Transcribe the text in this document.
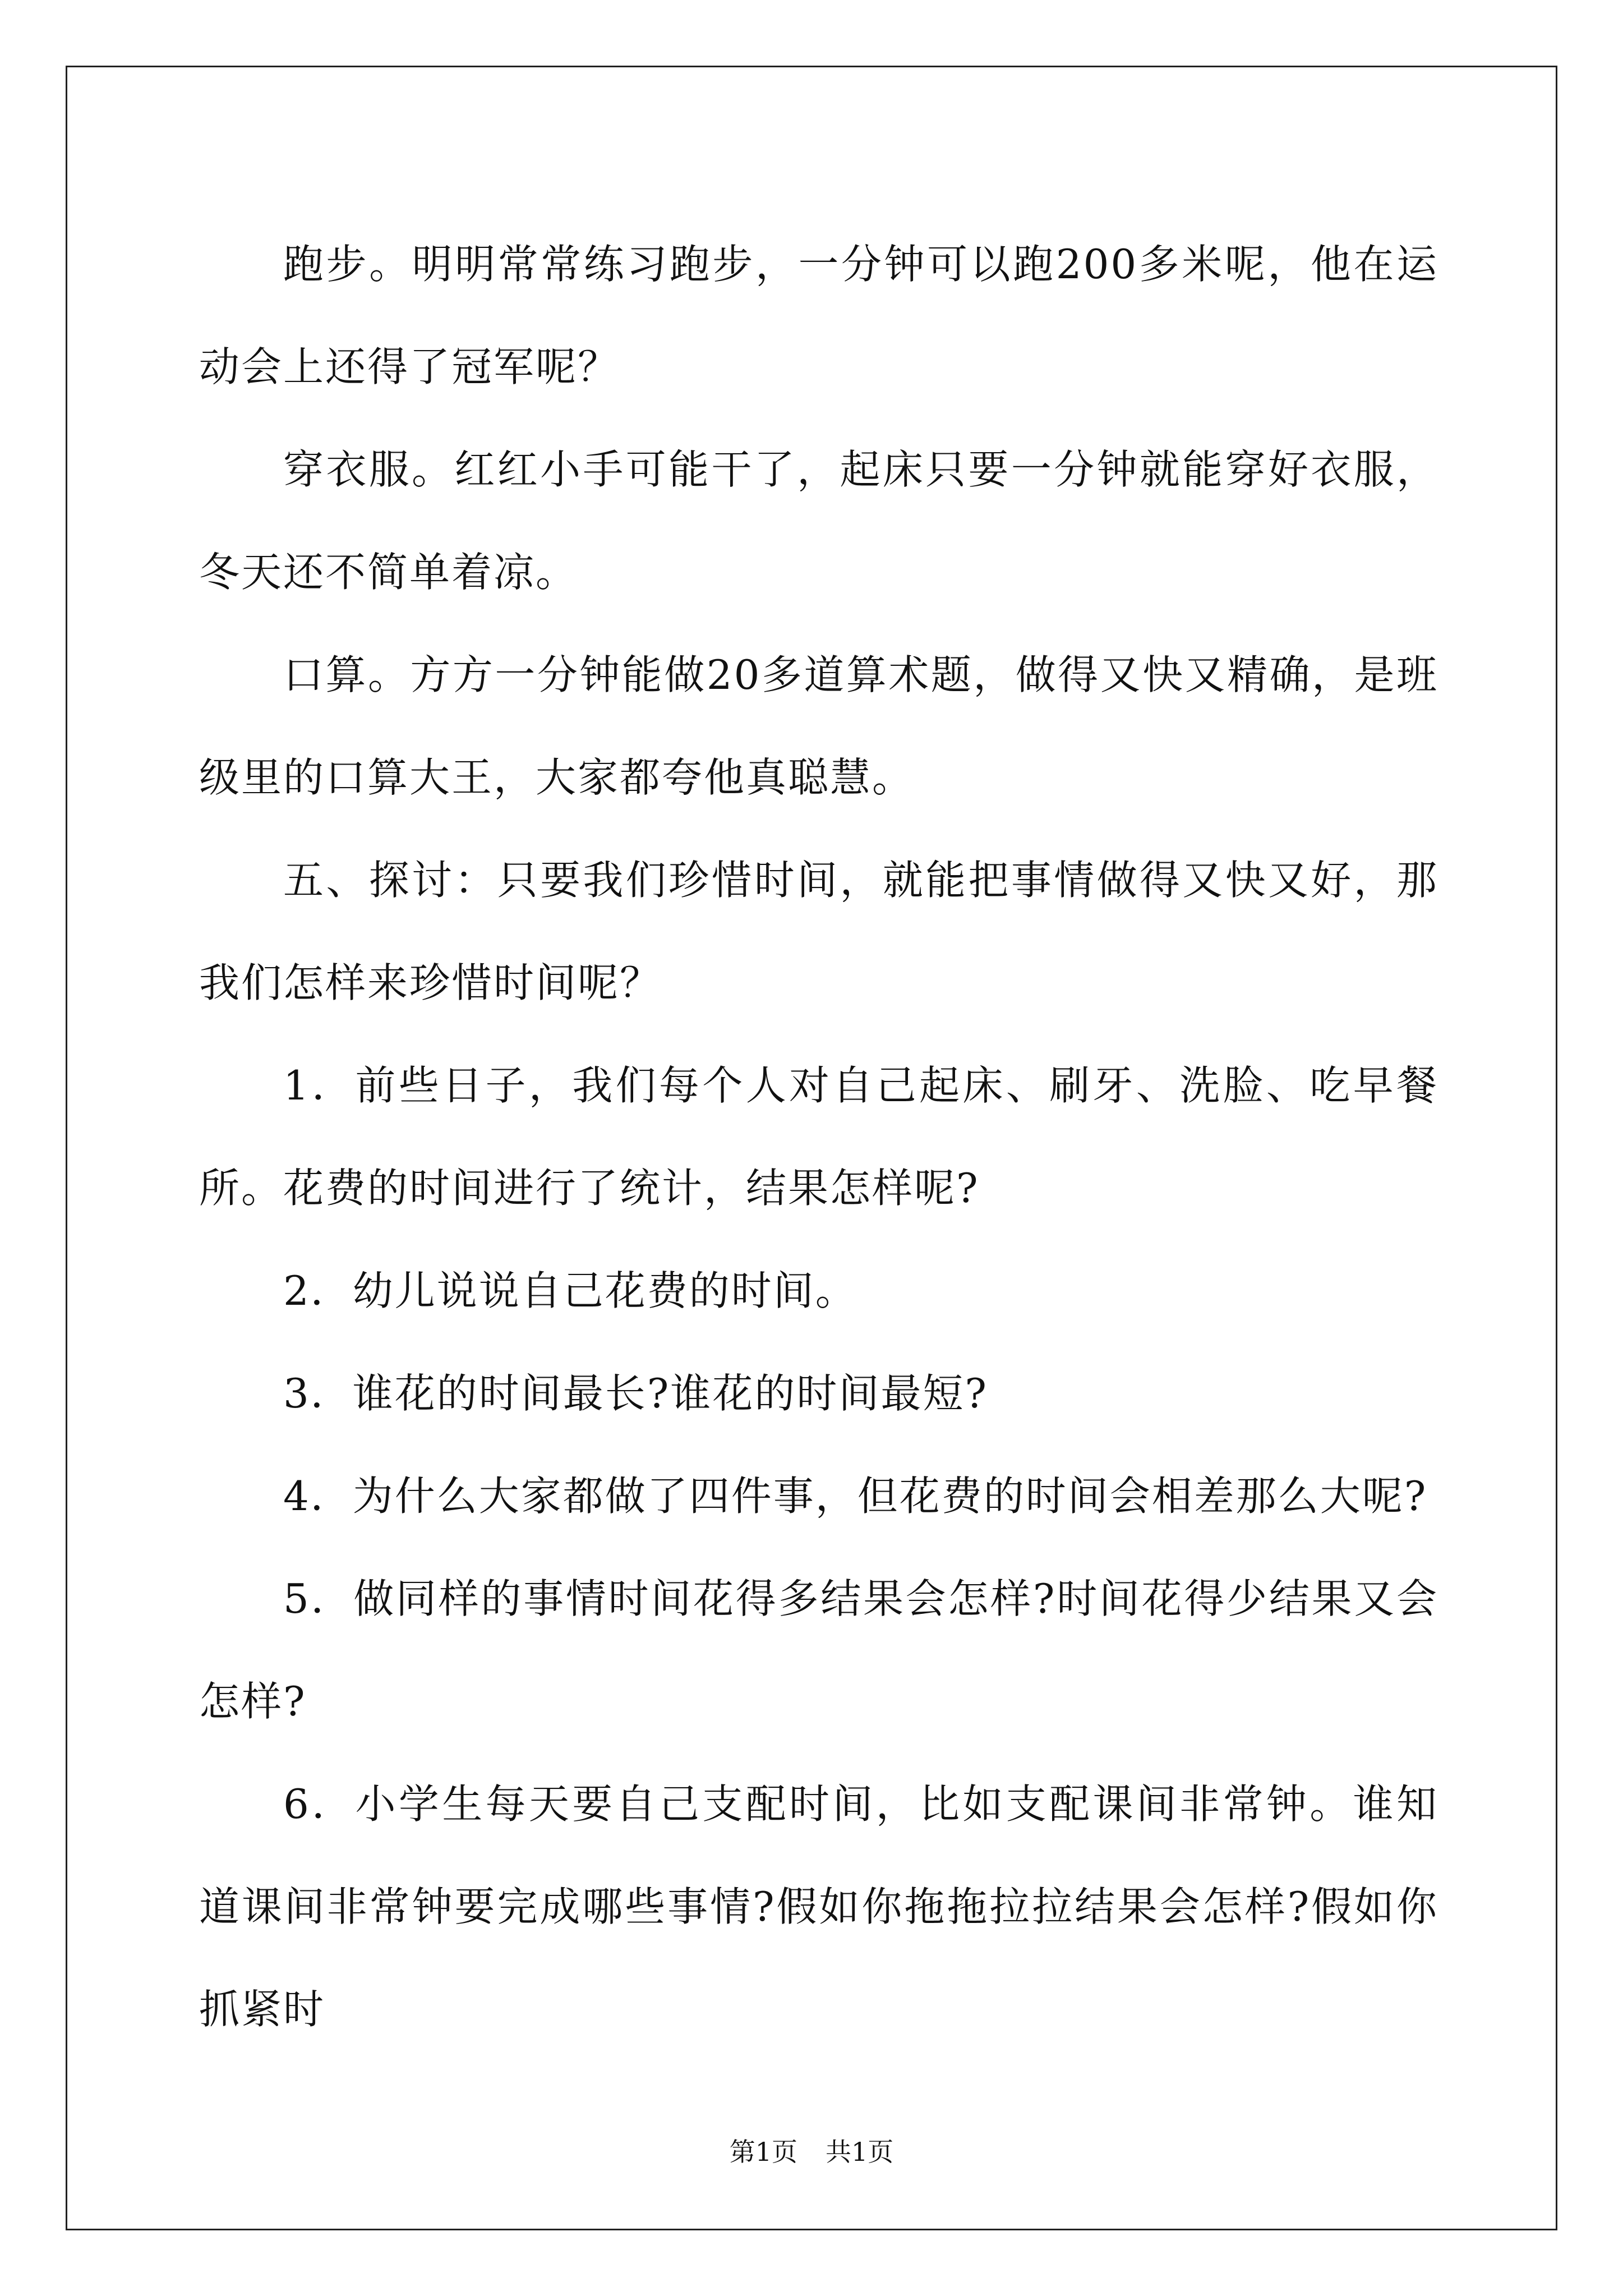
跑步。明明常常练习跑步，一分钟可以跑200多米呢，他在运动会上还得了冠军呢？

穿衣服。红红小手可能干了，起床只要一分钟就能穿好衣服，冬天还不简单着凉。

口算。方方一分钟能做20多道算术题，做得又快又精确，是班级里的口算大王，大家都夸他真聪慧。

五、探讨：只要我们珍惜时间，就能把事情做得又快又好，那我们怎样来珍惜时间呢？

1．前些日子，我们每个人对自己起床、刷牙、洗脸、吃早餐所。花费的时间进行了统计，结果怎样呢?

2．幼儿说说自己花费的时间。

3．谁花的时间最长?谁花的时间最短?

4．为什么大家都做了四件事，但花费的时间会相差那么大呢?

5．做同样的事情时间花得多结果会怎样?时间花得少结果又会怎样?

6．小学生每天要自己支配时间，比如支配课间非常钟。谁知道课间非常钟要完成哪些事情?假如你拖拖拉拉结果会怎样?假如你抓紧时

第1页 共1页
